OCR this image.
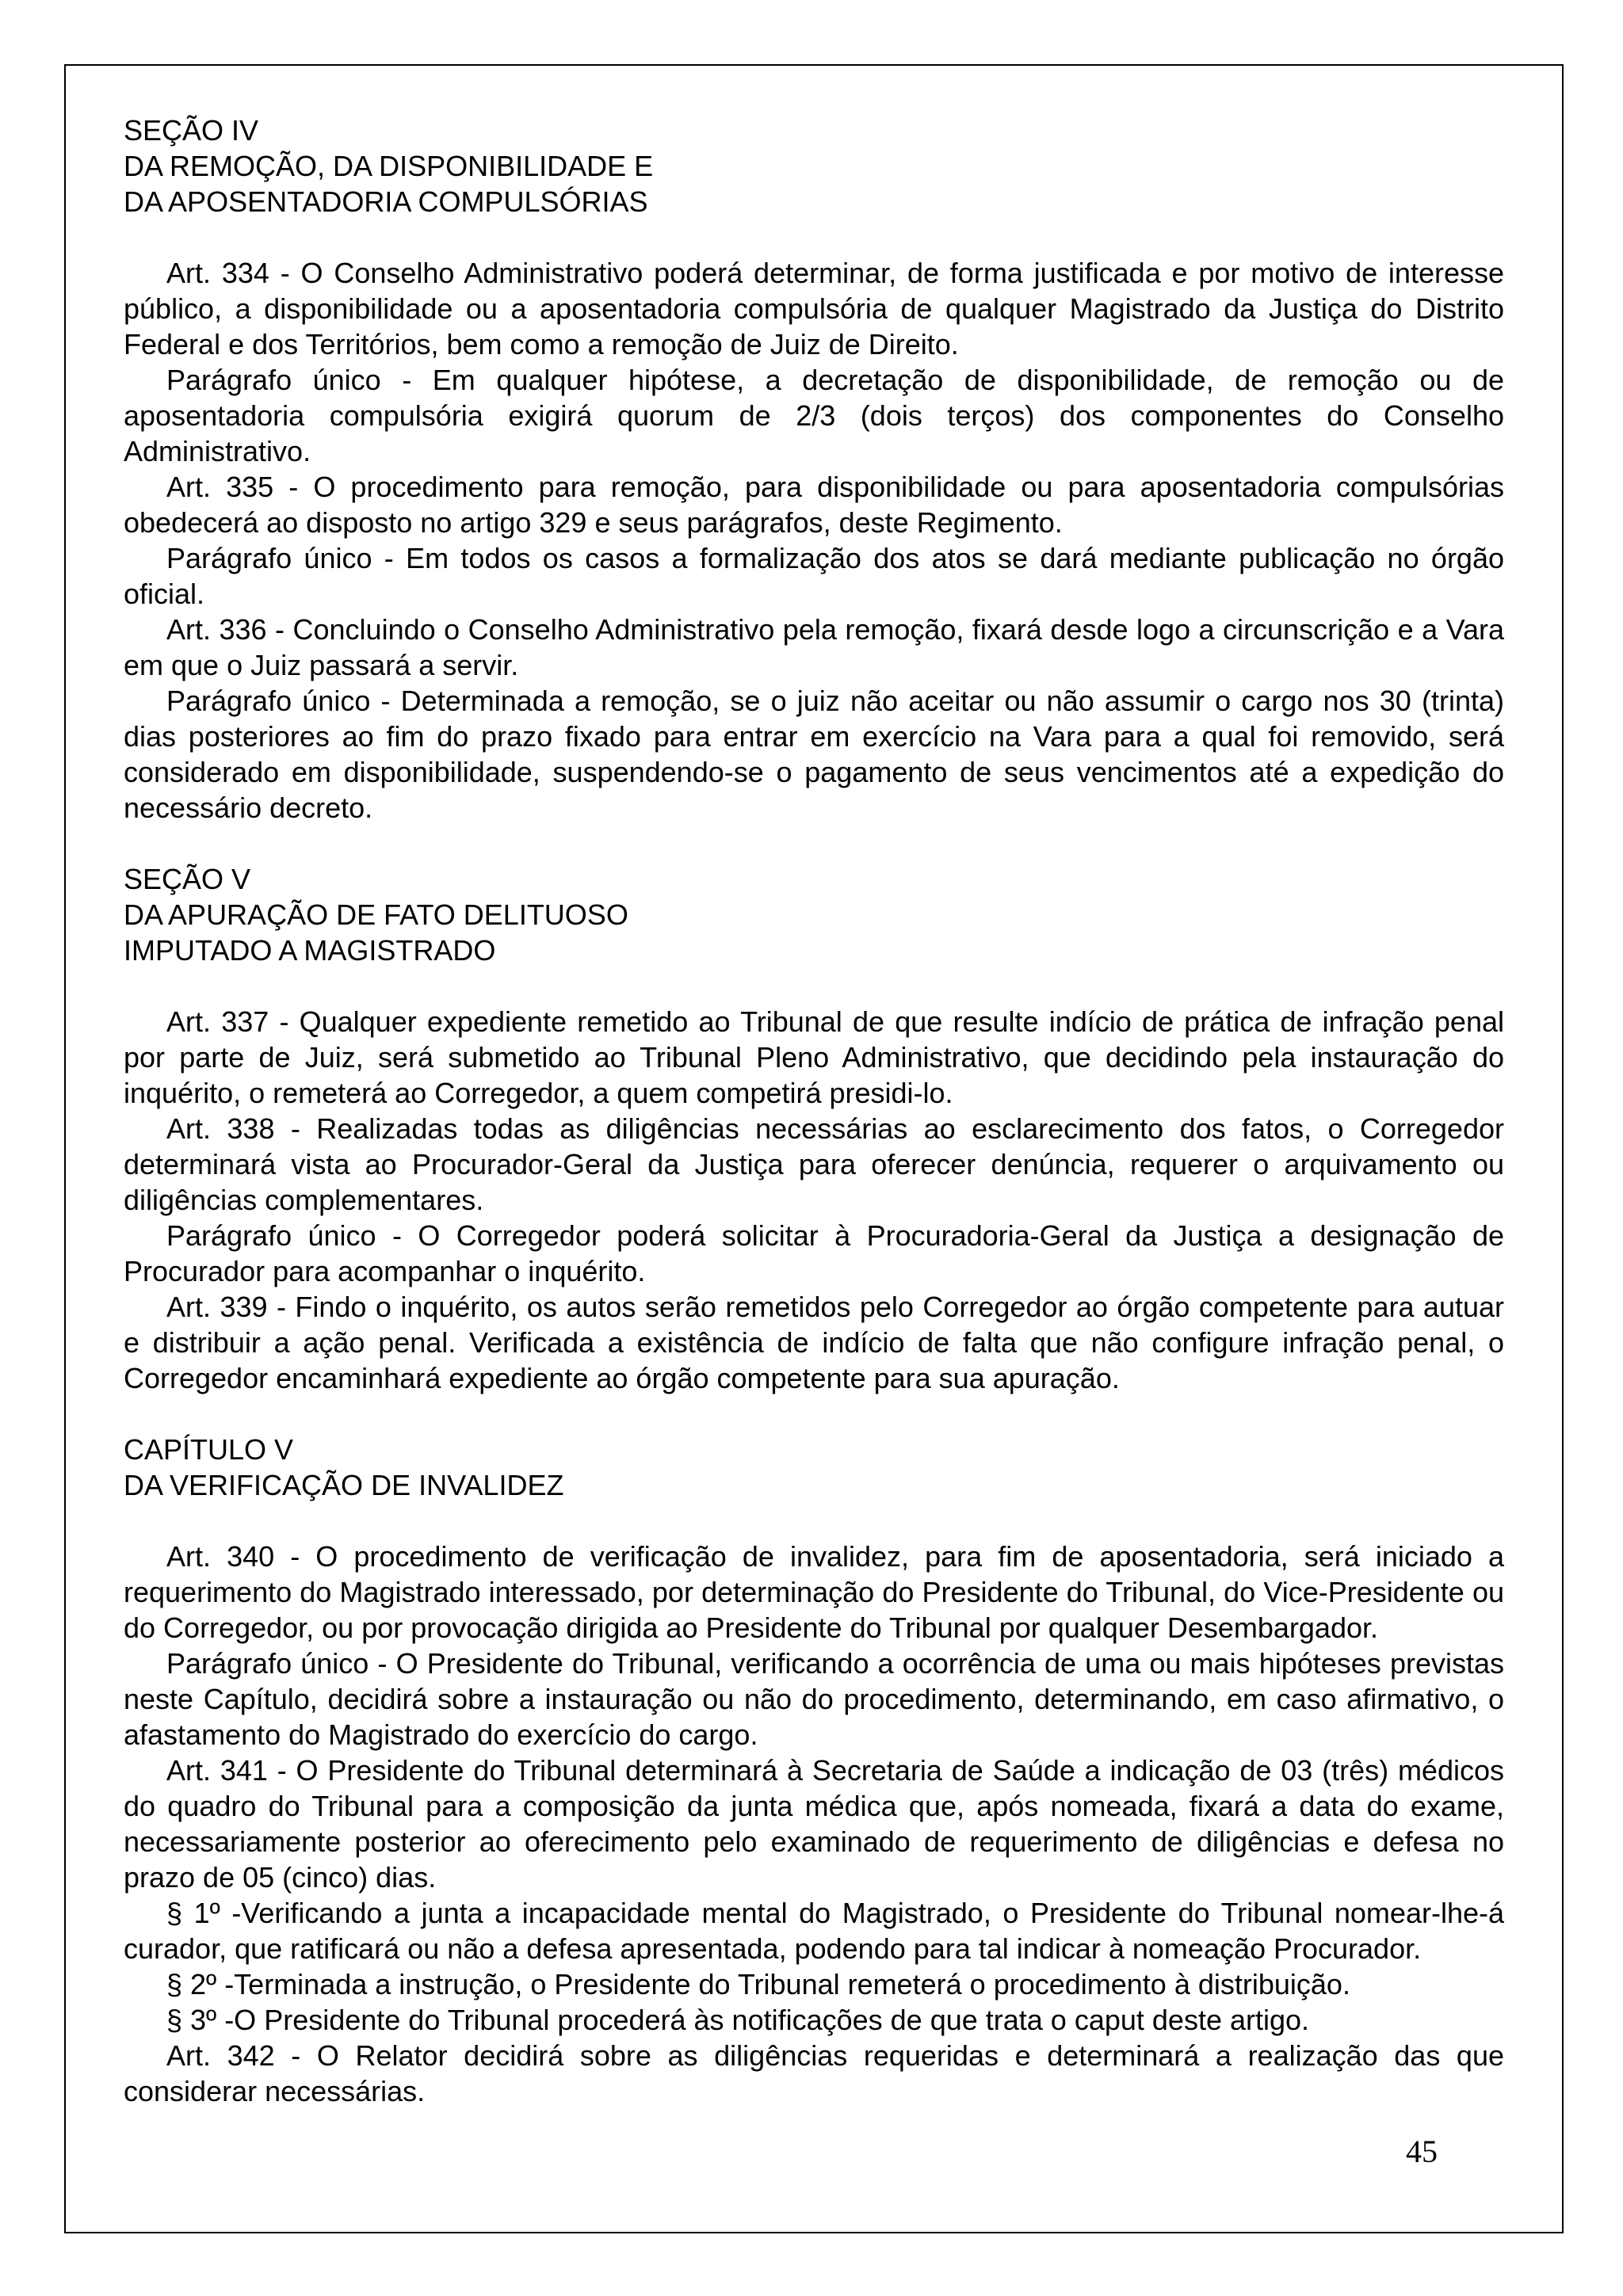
SEÇÃO IV

DA REMOÇÃO, DA DISPONIBILIDADE E

DA APOSENTADORIA COMPULSÓRIAS

Art. 334 - O Conselho Administrativo poderá determinar, de forma justificada e por motivo de interesse público, a disponibilidade ou a aposentadoria compulsória de qualquer Magistrado da Justiça do Distrito Federal e dos Territórios, bem como a remoção de Juiz de Direito.

Parágrafo único - Em qualquer hipótese, a decretação de disponibilidade, de remoção ou de aposentadoria compulsória exigirá quorum de 2/3 (dois terços) dos componentes do Conselho Administrativo.

Art. 335 - O procedimento para remoção, para disponibilidade ou para aposentadoria compulsórias obedecerá ao disposto no artigo 329 e seus parágrafos, deste Regimento.

Parágrafo único - Em todos os casos a formalização dos atos se dará mediante publicação no órgão oficial.

Art. 336 - Concluindo o Conselho Administrativo pela remoção, fixará desde logo a circunscrição e a Vara em que o Juiz passará a servir.

Parágrafo único - Determinada a remoção, se o juiz não aceitar ou não assumir o cargo nos 30 (trinta) dias posteriores ao fim do prazo fixado para entrar em exercício na Vara para a qual foi removido, será considerado em disponibilidade, suspendendo-se o pagamento de seus vencimentos até a expedição do necessário decreto.

SEÇÃO V

DA APURAÇÃO DE FATO DELITUOSO

IMPUTADO A MAGISTRADO

Art. 337 - Qualquer expediente remetido ao Tribunal de que resulte indício de prática de infração penal por parte de Juiz, será submetido ao Tribunal Pleno Administrativo, que decidindo pela instauração do inquérito, o remeterá ao Corregedor, a quem competirá presidi-lo.

Art. 338 - Realizadas todas as diligências necessárias ao esclarecimento dos fatos, o Corregedor determinará vista ao Procurador-Geral da Justiça para oferecer denúncia, requerer o arquivamento ou diligências complementares.

Parágrafo único - O Corregedor poderá solicitar à Procuradoria-Geral da Justiça a designação de Procurador para acompanhar o inquérito.

Art. 339 - Findo o inquérito, os autos serão remetidos pelo Corregedor ao órgão competente para autuar e distribuir a ação penal. Verificada a existência de indício de falta que não configure infração penal, o Corregedor encaminhará expediente ao órgão competente para sua apuração.

CAPÍTULO V

DA VERIFICAÇÃO DE INVALIDEZ

Art. 340 - O procedimento de verificação de invalidez, para fim de aposentadoria, será iniciado a requerimento do Magistrado interessado, por determinação do Presidente do Tribunal, do Vice-Presidente ou do Corregedor, ou por provocação dirigida ao Presidente do Tribunal por qualquer Desembargador.

Parágrafo único - O Presidente do Tribunal, verificando a ocorrência de uma ou mais hipóteses previstas neste Capítulo, decidirá sobre a instauração ou não do procedimento, determinando, em caso afirmativo, o afastamento do Magistrado do exercício do cargo.

Art. 341 - O Presidente do Tribunal determinará à Secretaria de Saúde a indicação de 03 (três) médicos do quadro do Tribunal para a composição da junta médica que, após nomeada, fixará a data do exame, necessariamente posterior ao oferecimento pelo examinado de requerimento de diligências e defesa no prazo de 05 (cinco) dias.

§ 1º -Verificando a junta a incapacidade mental do Magistrado, o Presidente do Tribunal nomear-lhe-á curador, que ratificará ou não a defesa apresentada, podendo para tal indicar à nomeação Procurador.

§ 2º -Terminada a instrução, o Presidente do Tribunal remeterá o procedimento à distribuição.

§ 3º -O Presidente do Tribunal procederá às notificações de que trata o caput deste artigo.

Art. 342 - O Relator decidirá sobre as diligências requeridas e determinará a realização das que considerar necessárias.

45
